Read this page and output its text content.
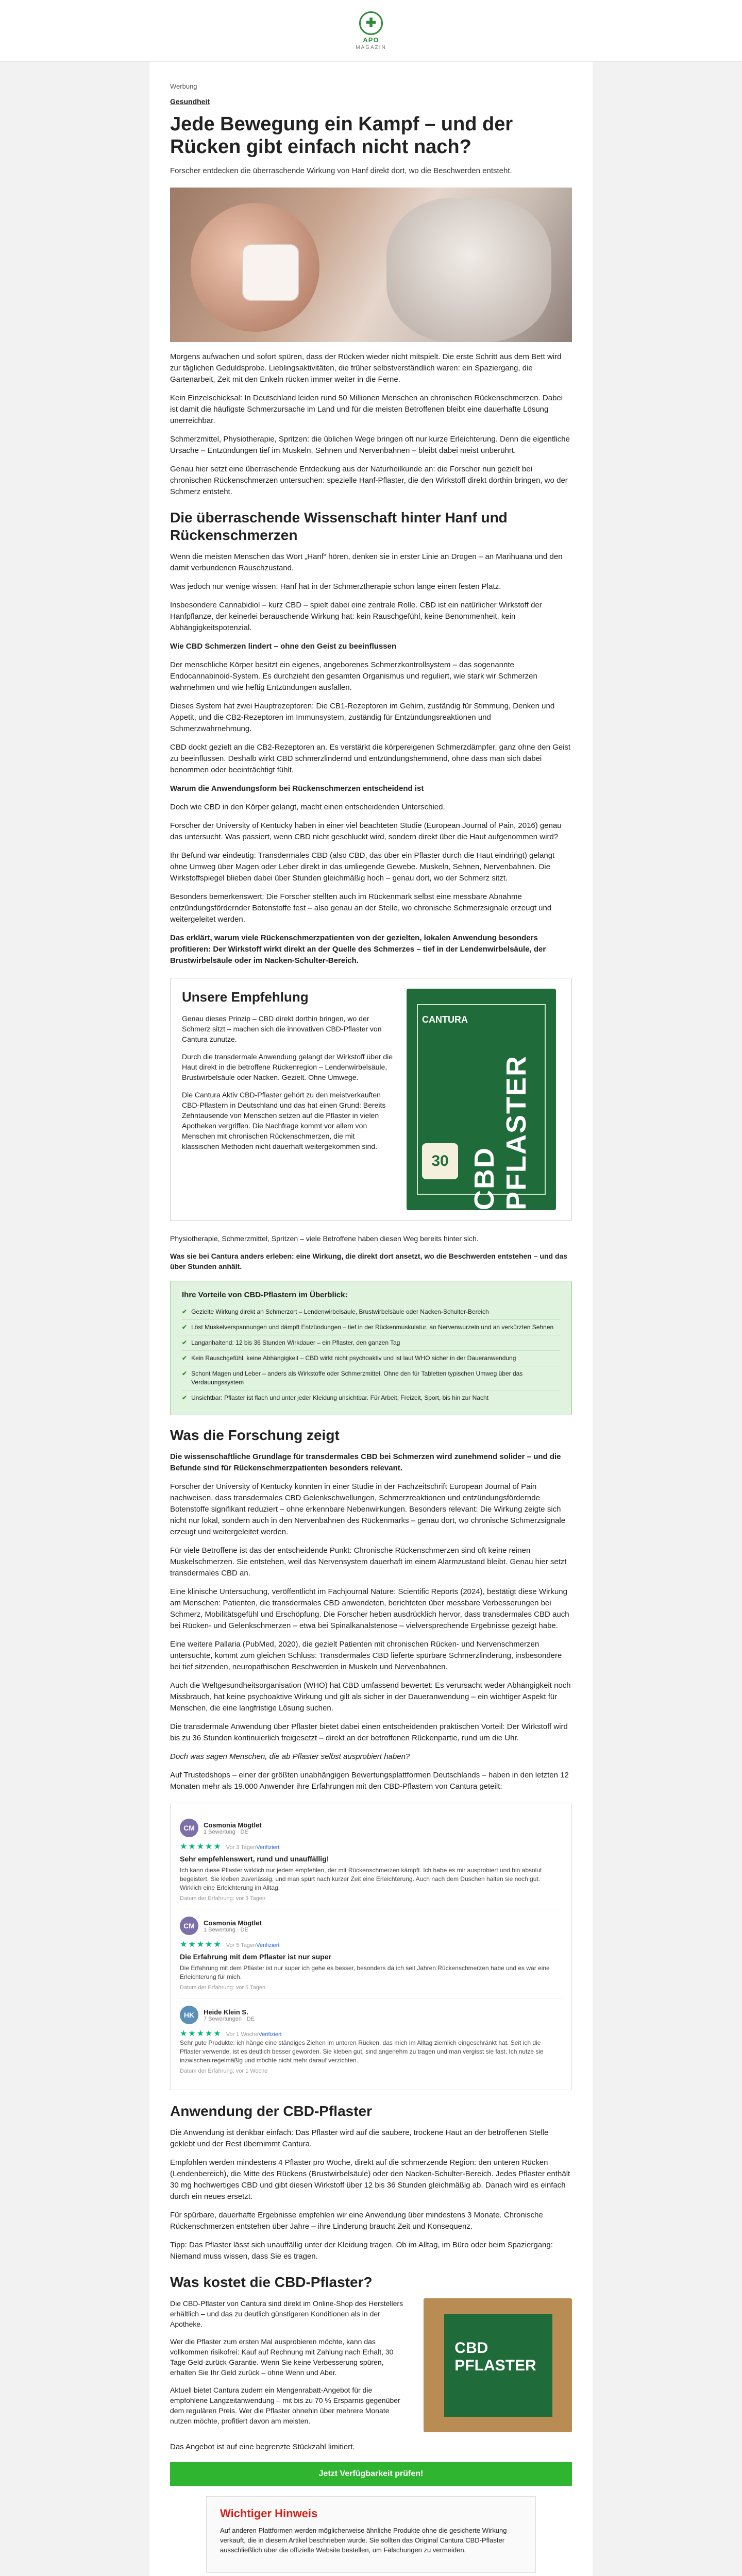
✚
APO
MAGAZIN
Werbung
Gesundheit
Jede Bewegung ein Kampf – und der Rücken gibt einfach nicht nach?

Forscher entdecken die überraschende Wirkung von Hanf direkt dort, wo die Beschwerden entsteht.

Morgens aufwachen und sofort spüren, dass der Rücken wieder nicht mitspielt. Die erste Schritt aus dem Bett wird zur täglichen Geduldsprobe. Lieblingsaktivitäten, die früher selbstverständlich waren: ein Spaziergang, die Gartenarbeit, Zeit mit den Enkeln rücken immer weiter in die Ferne.

Kein Einzelschicksal: In Deutschland leiden rund 50 Millionen Menschen an chronischen Rückenschmerzen. Dabei ist damit die häufigste Schmerzursache im Land und für die meisten Betroffenen bleibt eine dauerhafte Lösung unerreichbar.

Schmerzmittel, Physiotherapie, Spritzen: die üblichen Wege bringen oft nur kurze Erleichterung. Denn die eigentliche Ursache – Entzündungen tief im Muskeln, Sehnen und Nervenbahnen – bleibt dabei meist unberührt.

Genau hier setzt eine überraschende Entdeckung aus der Naturheilkunde an: die Forscher nun gezielt bei chronischen Rückenschmerzen untersuchen: spezielle Hanf-Pflaster, die den Wirkstoff direkt dorthin bringen, wo der Schmerz entsteht.

Die überraschende Wissenschaft hinter Hanf und Rückenschmerzen

Wenn die meisten Menschen das Wort „Hanf“ hören, denken sie in erster Linie an Drogen – an Marihuana und den damit verbundenen Rauschzustand.

Was jedoch nur wenige wissen: Hanf hat in der Schmerztherapie schon lange einen festen Platz.

Insbesondere Cannabidiol – kurz CBD – spielt dabei eine zentrale Rolle. CBD ist ein natürlicher Wirkstoff der Hanfpflanze, der keinerlei berauschende Wirkung hat: kein Rauschgefühl, keine Benommenheit, kein Abhängigkeitspotenzial.

Wie CBD Schmerzen lindert – ohne den Geist zu beeinflussen

Der menschliche Körper besitzt ein eigenes, angeborenes Schmerzkontrollsystem – das sogenannte Endocannabinoid-System. Es durchzieht den gesamten Organismus und reguliert, wie stark wir Schmerzen wahrnehmen und wie heftig Entzündungen ausfallen.

Dieses System hat zwei Hauptrezeptoren: Die CB1-Rezeptoren im Gehirn, zuständig für Stimmung, Denken und Appetit, und die CB2-Rezeptoren im Immunsystem, zuständig für Entzündungsreaktionen und Schmerzwahrnehmung.

CBD dockt gezielt an die CB2-Rezeptoren an. Es verstärkt die körpereigenen Schmerzdämpfer, ganz ohne den Geist zu beeinflussen. Deshalb wirkt CBD schmerzlindernd und entzündungshemmend, ohne dass man sich dabei benommen oder beeinträchtigt fühlt.

Warum die Anwendungsform bei Rückenschmerzen entscheidend ist

Doch wie CBD in den Körper gelangt, macht einen entscheidenden Unterschied.

Forscher der University of Kentucky haben in einer viel beachteten Studie (European Journal of Pain, 2016) genau das untersucht. Was passiert, wenn CBD nicht geschluckt wird, sondern direkt über die Haut aufgenommen wird?

Ihr Befund war eindeutig: Transdermales CBD (also CBD, das über ein Pflaster durch die Haut eindringt) gelangt ohne Umweg über Magen oder Leber direkt in das umliegende Gewebe. Muskeln, Sehnen, Nervenbahnen. Die Wirkstoffspiegel blieben dabei über Stunden gleichmäßig hoch – genau dort, wo der Schmerz sitzt.

Besonders bemerkenswert: Die Forscher stellten auch im Rückenmark selbst eine messbare Abnahme entzündungsfördernder Botenstoffe fest – also genau an der Stelle, wo chronische Schmerzsignale erzeugt und weitergeleitet werden.

Das erklärt, warum viele Rückenschmerzpatienten von der gezielten, lokalen Anwendung besonders profitieren: Der Wirkstoff wirkt direkt an der Quelle des Schmerzes – tief in der Lendenwirbelsäule, der Brustwirbelsäule oder im Nacken-Schulter-Bereich.

Unsere Empfehlung

Genau dieses Prinzip – CBD direkt dorthin bringen, wo der Schmerz sitzt – machen sich die innovativen CBD-Pflaster von Cantura zunutze.

Durch die transdermale Anwendung gelangt der Wirkstoff über die Haut direkt in die betroffene Rückenregion – Lendenwirbelsäule, Brustwirbelsäule oder Nacken. Gezielt. Ohne Umwege.

Die Cantura Aktiv CBD-Pflaster gehört zu den meistverkauften CBD-Pflastern in Deutschland und das hat einen Grund: Bereits Zehntausende von Menschen setzen auf die Pflaster in vielen Apotheken vergriffen. Die Nachfrage kommt vor allem von Menschen mit chronischen Rückenschmerzen, die mit klassischen Methoden nicht dauerhaft weitergekommen sind.

CANTURA
CBD PFLASTER
30

Physiotherapie, Schmerzmittel, Spritzen – viele Betroffene haben diesen Weg bereits hinter sich.

Was sie bei Cantura anders erleben: eine Wirkung, die direkt dort ansetzt, wo die Beschwerden entstehen – und das über Stunden anhält.

Ihre Vorteile von CBD-Pflastern im Überblick:
✔ Gezielte Wirkung direkt an Schmerzort – Lendenwirbelsäule, Brustwirbelsäule oder Nacken-Schulter-Bereich
✔ Löst Muskelverspannungen und dämpft Entzündungen – tief in der Rückenmuskulatur, an Nervenwurzeln und an verkürzten Sehnen
✔ Langanhaltend: 12 bis 36 Stunden Wirkdauer – ein Pflaster, den ganzen Tag
✔ Kein Rauschgefühl, keine Abhängigkeit – CBD wirkt nicht psychoaktiv und ist laut WHO sicher in der Daueranwendung
✔ Schont Magen und Leber – anders als Wirkstoffe oder Schmerzmittel. Ohne den für Tabletten typischen Umweg über das Verdauungssystem
✔ Unsichtbar: Pflaster ist flach und unter jeder Kleidung unsichtbar. Für Arbeit, Freizeit, Sport, bis hin zur Nacht
Was die Forschung zeigt

Die wissenschaftliche Grundlage für transdermales CBD bei Schmerzen wird zunehmend solider – und die Befunde sind für Rückenschmerzpatienten besonders relevant.

Forscher der University of Kentucky konnten in einer Studie in der Fachzeitschrift European Journal of Pain nachweisen, dass transdermales CBD Gelenkschwellungen, Schmerzreaktionen und entzündungsfördernde Botenstoffe signifikant reduziert – ohne erkennbare Nebenwirkungen. Besonders relevant: Die Wirkung zeigte sich nicht nur lokal, sondern auch in den Nervenbahnen des Rückenmarks – genau dort, wo chronische Schmerzsignale erzeugt und weitergeleitet werden.

Für viele Betroffene ist das der entscheidende Punkt: Chronische Rückenschmerzen sind oft keine reinen Muskelschmerzen. Sie entstehen, weil das Nervensystem dauerhaft im einem Alarmzustand bleibt. Genau hier setzt transdermales CBD an.

Eine klinische Untersuchung, veröffentlicht im Fachjournal Nature: Scientific Reports (2024), bestätigt diese Wirkung am Menschen: Patienten, die transdermales CBD anwendeten, berichteten über messbare Verbesserungen bei Schmerz, Mobilitätsgefühl und Erschöpfung. Die Forscher heben ausdrücklich hervor, dass transdermales CBD auch bei Rücken- und Gelenkschmerzen – etwa bei Spinalkanalstenose – vielversprechende Ergebnisse gezeigt habe.

Eine weitere Pallaria (PubMed, 2020), die gezielt Patienten mit chronischen Rücken- und Nervenschmerzen untersuchte, kommt zum gleichen Schluss: Transdermales CBD lieferte spürbare Schmerzlinderung, insbesondere bei tief sitzenden, neuropathischen Beschwerden in Muskeln und Nervenbahnen.

Auch die Weltgesundheitsorganisation (WHO) hat CBD umfassend bewertet: Es verursacht weder Abhängigkeit noch Missbrauch, hat keine psychoaktive Wirkung und gilt als sicher in der Daueranwendung – ein wichtiger Aspekt für Menschen, die eine langfristige Lösung suchen.

Die transdermale Anwendung über Pflaster bietet dabei einen entscheidenden praktischen Vorteil: Der Wirkstoff wird bis zu 36 Stunden kontinuierlich freigesetzt – direkt an der betroffenen Rückenpartie, rund um die Uhr.

Doch was sagen Menschen, die ab Pflaster selbst ausprobiert haben?

Auf Trustedshops – einer der größten unabhängigen Bewertungsplattformen Deutschlands – haben in den letzten 12 Monaten mehr als 19.000 Anwender ihre Erfahrungen mit den CBD-Pflastern von Cantura geteilt:

CM	Cosmonia Mögtlet
1 Bewertung · DE
★★★★★ Vor 3 TagenVerifiziert
Sehr empfehlenswert, rund und unauffällig!
Ich kann diese Pflaster wirklich nur jedem empfehlen, der mit Rückenschmerzen kämpft. Ich habe es mir ausprobiert und bin absolut begeistert. Sie kleben zuverlässig, und man spürt nach kurzer Zeit eine Erleichterung. Auch nach dem Duschen halten sie noch gut. Wirklich eine Erleichterung im Alltag.
Datum der Erfahrung: vor 3 Tagen
CM	Cosmonia Mögtlet
1 Bewertung · DE
★★★★★ Vor 5 TagenVerifiziert
Die Erfahrung mit dem Pflaster ist nur super
Die Erfahrung mit dem Pflaster ist nur super ich gehe es besser, besonders da ich seit Jahren Rückenschmerzen habe und es war eine Erleichterung für mich.
Datum der Erfahrung: vor 5 Tagen
HK	Heide Klein S.
7 Bewertungen · DE
★★★★★ Vor 1 WocheVerifiziert
Sehr gute Produkte: ich hänge eine ständiges Ziehen im unteren Rücken, das mich im Alltag ziemlich eingeschränkt hat. Seit ich die Pflaster verwende, ist es deutlich besser geworden. Sie kleben gut, sind angenehm zu tragen und man vergisst sie fast. Ich nutze sie inzwischen regelmäßig und möchte nicht mehr darauf verzichten.
Datum der Erfahrung: vor 1 Woche
Anwendung der CBD-Pflaster

Die Anwendung ist denkbar einfach: Das Pflaster wird auf die saubere, trockene Haut an der betroffenen Stelle geklebt und der Rest übernimmt Cantura.

Empfohlen werden mindestens 4 Pflaster pro Woche, direkt auf die schmerzende Region: den unteren Rücken (Lendenbereich), die Mitte des Rückens (Brustwirbelsäule) oder den Nacken-Schulter-Bereich. Jedes Pflaster enthält 30 mg hochwertiges CBD und gibt diesen Wirkstoff über 12 bis 36 Stunden gleichmäßig ab. Danach wird es einfach durch ein neues ersetzt.

Für spürbare, dauerhafte Ergebnisse empfehlen wir eine Anwendung über mindestens 3 Monate. Chronische Rückenschmerzen entstehen über Jahre – ihre Linderung braucht Zeit und Konsequenz.

Tipp: Das Pflaster lässt sich unauffällig unter der Kleidung tragen. Ob im Alltag, im Büro oder beim Spaziergang: Niemand muss wissen, dass Sie es tragen.

Was kostet die CBD-Pflaster?

Die CBD-Pflaster von Cantura sind direkt im Online-Shop des Herstellers erhältlich – und das zu deutlich günstigeren Konditionen als in der Apotheke.

Wer die Pflaster zum ersten Mal ausprobieren möchte, kann das vollkommen risikofrei: Kauf auf Rechnung mit Zahlung nach Erhalt, 30 Tage Geld-zurück-Garantie. Wenn Sie keine Verbesserung spüren, erhalten Sie Ihr Geld zurück – ohne Wenn und Aber.

Aktuell bietet Cantura zudem ein Mengenrabatt-Angebot für die empfohlene Langzeitanwendung – mit bis zu 70 % Ersparnis gegenüber dem regulären Preis. Wer die Pflaster ohnehin über mehrere Monate nutzen möchte, profitiert davon am meisten.

CBD PFLASTER

Das Angebot ist auf eine begrenzte Stückzahl limitiert.

Jetzt Verfügbarkeit prüfen!
Wichtiger Hinweis

Auf anderen Plattformen werden möglicherweise ähnliche Produkte ohne die gesicherte Wirkung verkauft, die in diesem Artikel beschrieben wurde. Sie sollten das Original Cantura CBD-Pflaster ausschließlich über die offizielle Website bestellen, um Fälschungen zu vermeiden.
